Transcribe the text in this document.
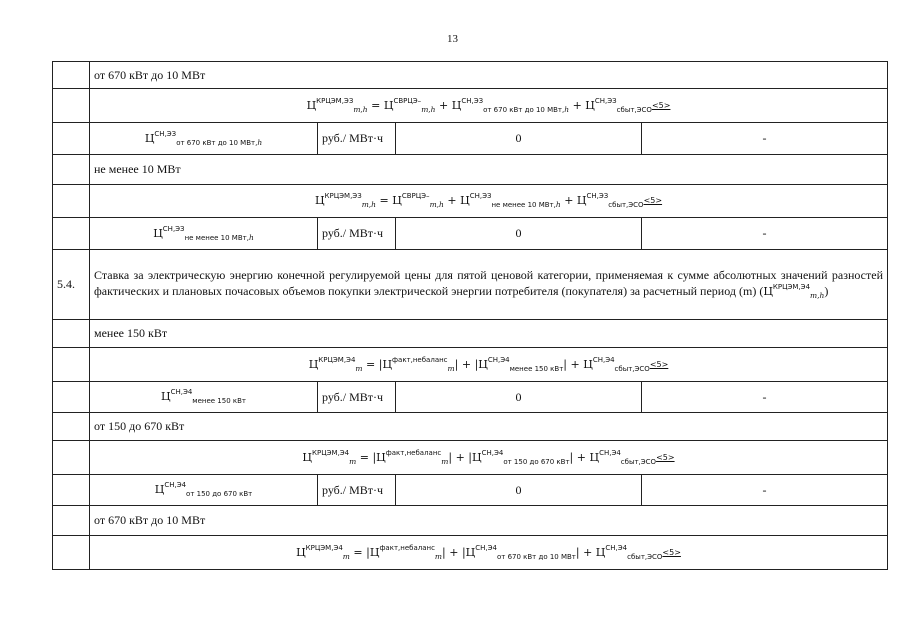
13
	от 670 кВт до 10 МВт			
	$Ц^{КРЦЭМ,ЭЗ}_{m,h} = Ц^{СВРЦЭ-}_{m,h} + Ц^{СН,ЭЗ}_{от 670 кВт до 10 МВт,h} + Ц^{СН,ЭЗ}_{сбыт,ЭСО}<5>$			
	$Ц^{СН,ЭЗ}_{от 670 кВт до 10 МВт,h}$	руб./ МВт·ч	0	-
	не менее 10 МВт			
	$Ц^{КРЦЭМ,ЭЗ}_{m,h} = Ц^{СВРЦЭ-}_{m,h} + Ц^{СН,ЭЗ}_{не менее 10 МВт,h} + Ц^{СН,ЭЗ}_{сбыт,ЭСО}<5>$			
	$Ц^{СН,ЭЗ}_{не менее 10 МВт,h}$	руб./ МВт·ч	0	-
5.4.	Ставка за электрическую энергию конечной регулируемой цены для пятой ценовой категории, применяемая к сумме абсолютных значений разностей фактических и плановых почасовых объемов покупки электрической энергии потребителя (покупателя) за расчетный период (m) $(Ц^{КРЦЭМ,Э4}_{m,h})$			
	менее 150 кВт			
	$Ц^{КРЦЭМ,Э4}_m = |Ц^{факт,небаланс}_m| + |Ц^{СН,Э4}_{менее 150 кВт}| + Ц^{СН,Э4}_{сбыт,ЭСО}<5>$			
	$Ц^{СН,Э4}_{менее 150 кВт}$	руб./ МВт·ч	0	-
	от 150 до 670 кВт			
	$Ц^{КРЦЭМ,Э4}_m = |Ц^{факт,небаланс}_m| + |Ц^{СН,Э4}_{от 150 до 670 кВт}| + Ц^{СН,Э4}_{сбыт,ЭСО}<5>$			
	$Ц^{СН,Э4}_{от 150 до 670 кВт}$	руб./ МВт·ч	0	-
	от 670 кВт до 10 МВт			
	$Ц^{КРЦЭМ,Э4}_m = |Ц^{факт,небаланс}_m| + |Ц^{СН,Э4}_{от 670 кВт до 10 МВт}| + Ц^{СН,Э4}_{сбыт,ЭСО}<5>$			
